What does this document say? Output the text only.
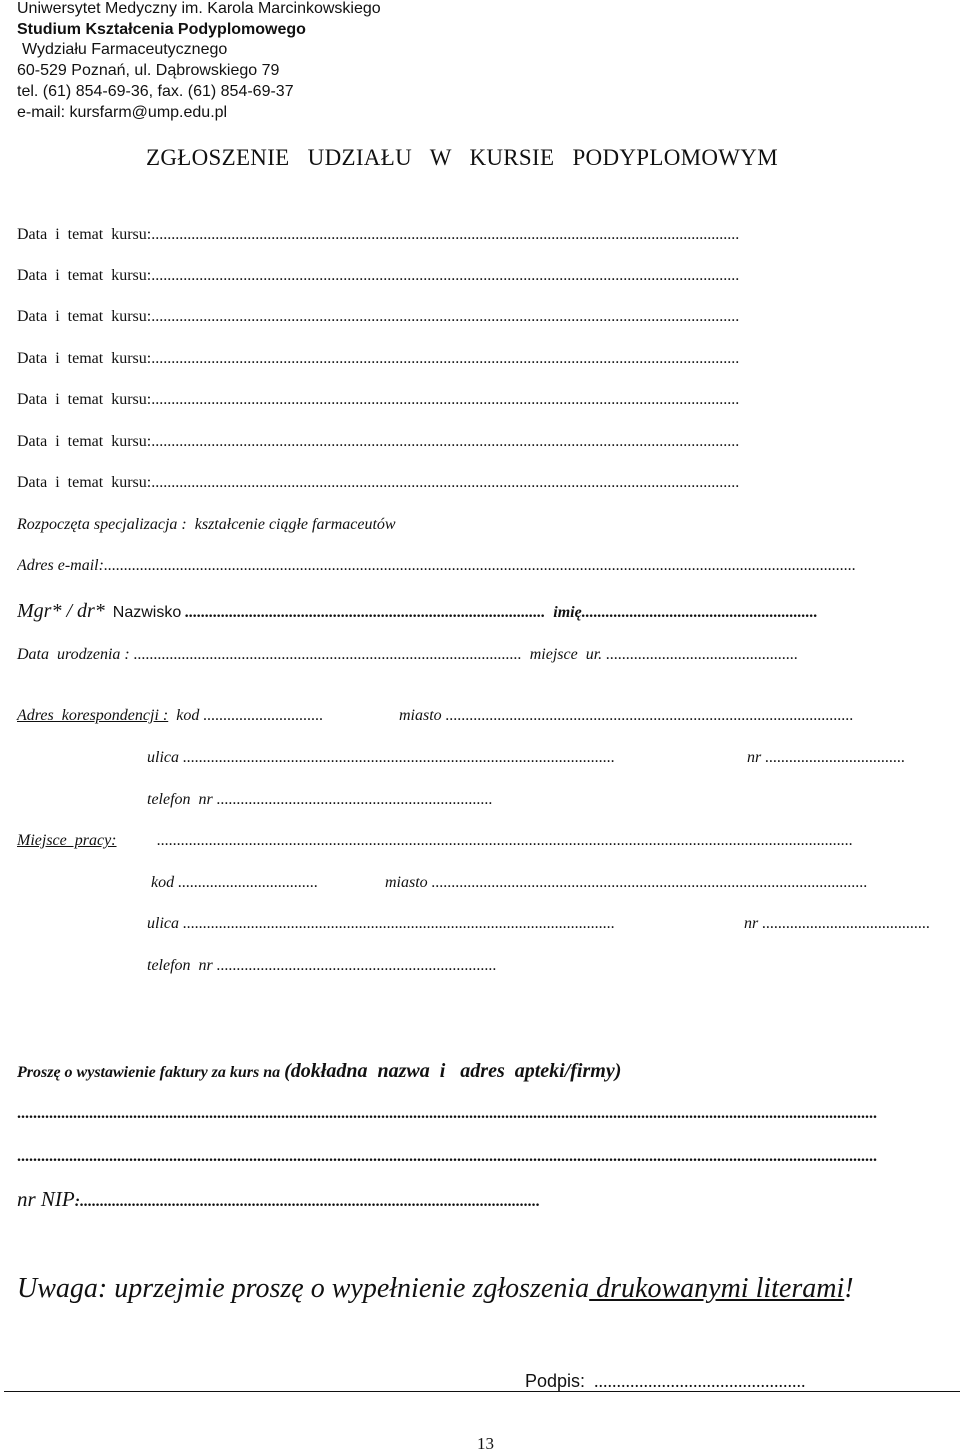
Uniwersytet Medyczny im. Karola Marcinkowskiego
Studium Kształcenia Podyplomowego
Wydziału Farmaceutycznego
60-529 Poznań, ul. Dąbrowskiego 79
tel. (61) 854-69-36, fax. (61) 854-69-37
e-mail: kursfarm@ump.edu.pl
ZGŁOSZENIE   UDZIAŁU   W   KURSIE   PODYPLOMOWYM
Data  i  temat  kursu:...................................................................................................................................................
Data  i  temat  kursu:...................................................................................................................................................
Data  i  temat  kursu:...................................................................................................................................................
Data  i  temat  kursu:...................................................................................................................................................
Data  i  temat  kursu:...................................................................................................................................................
Data  i  temat  kursu:...................................................................................................................................................
Data  i  temat  kursu:...................................................................................................................................................
Rozpoczęta specjalizacja :  kształcenie ciągłe farmaceutów
Adres e-mail:............................................................................................................................................................................................
Mgr* / dr* Nazwisko .......................................................................................... imię...........................................................
Data  urodzenia : ................................................................................................. miejsce  ur. ................................................
Adres  korespondencji : kod ..............................	miasto ......................................................................................................
ulica ............................................................................................................	nr ...................................
telefon  nr .....................................................................
Miejsce  pracy:	..............................................................................................................................................................................
kod ...................................	miasto .............................................................................................................
ulica ............................................................................................................	nr ..........................................
telefon  nr ......................................................................
Proszę o wystawienie faktury za kurs na (dokładna  nazwa  i   adres  apteki/firmy)
.......................................................................................................................................................................................................................
.......................................................................................................................................................................................................................
nr NIP:...................................................................................................................
Uwaga: uprzejmie proszę o wypełnienie zgłoszenia drukowanymi literami!
Podpis: ...............................................
13
